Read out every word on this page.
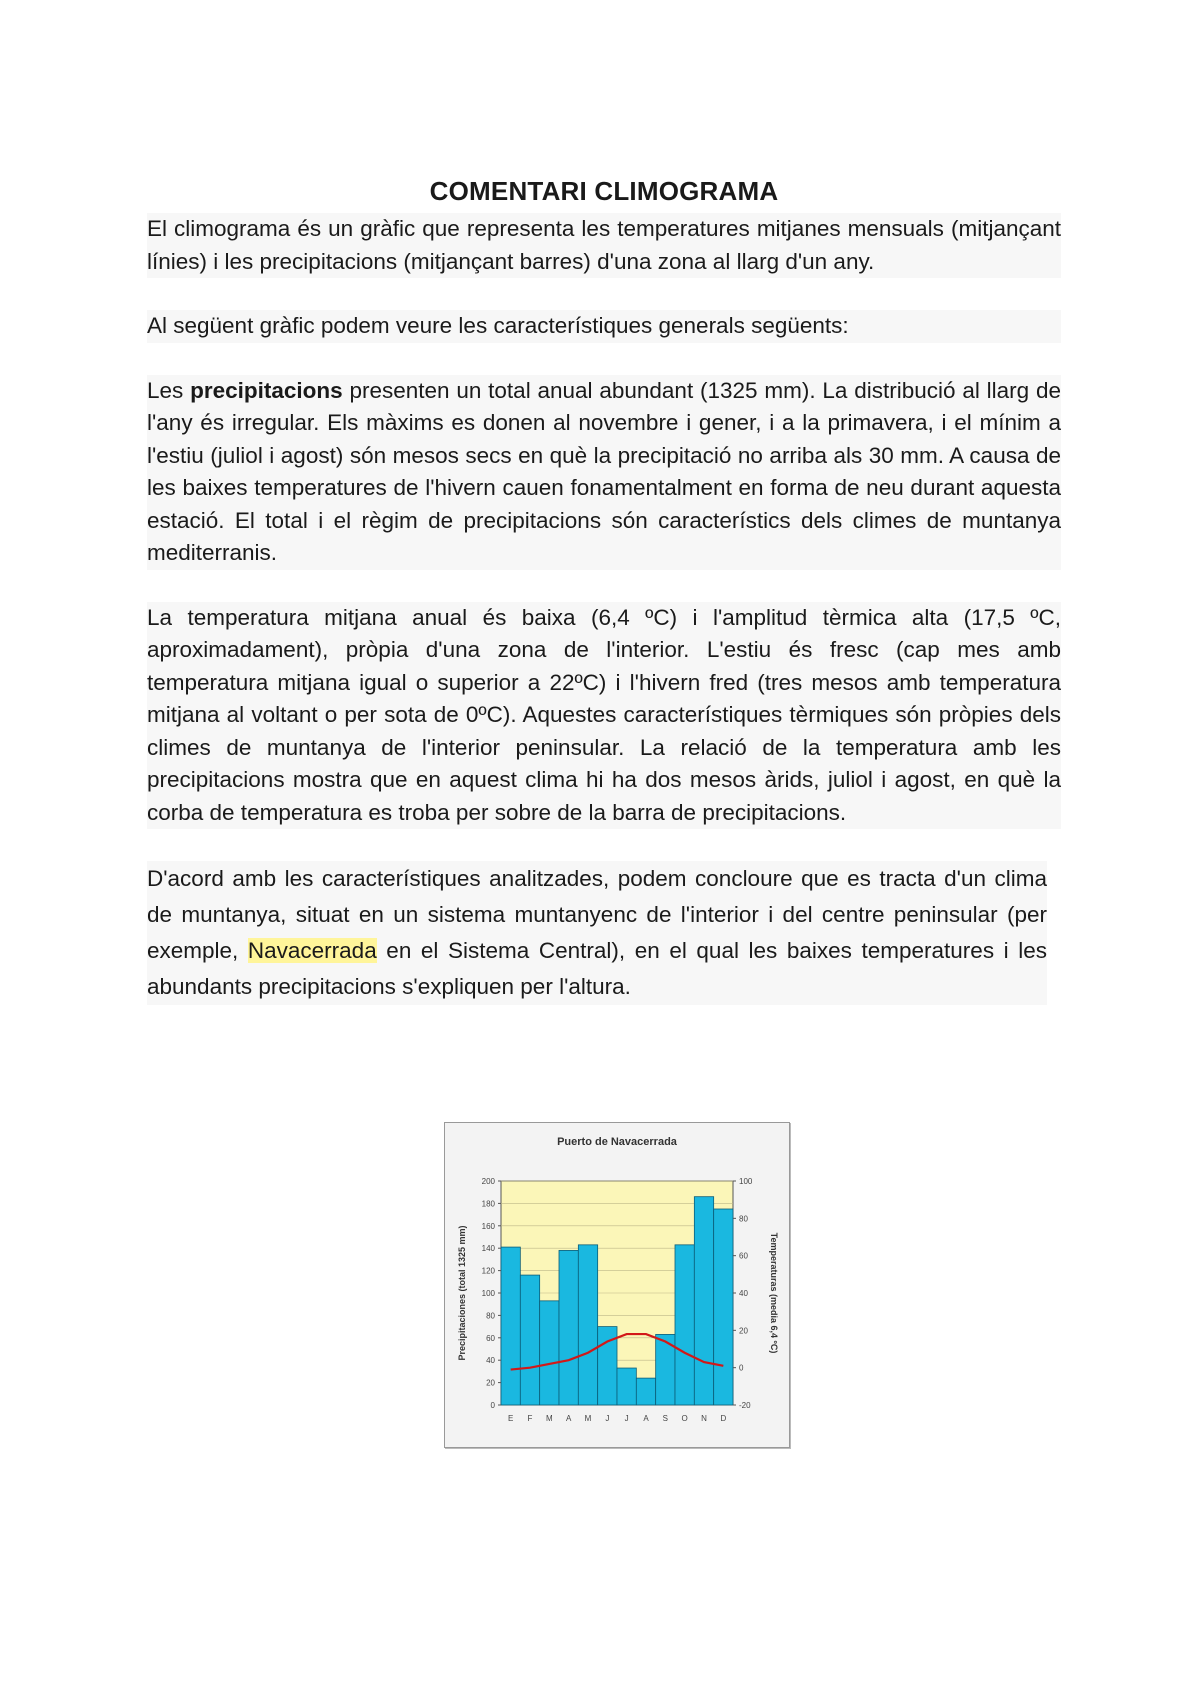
COMENTARI CLIMOGRAMA

El climograma és un gràfic que representa les temperatures mitjanes mensuals (mitjançant línies) i les precipitacions (mitjançant barres) d'una zona al llarg d'un any.

Al següent gràfic podem veure les característiques generals següents:

Les precipitacions presenten un total anual abundant (1325 mm). La distribució al llarg de l'any és irregular. Els màxims es donen al novembre i gener, i a la primavera, i el mínim a l'estiu (juliol i agost) són mesos secs en què la precipitació no arriba als 30 mm. A causa de les baixes temperatures de l'hivern cauen fonamentalment en forma de neu durant aquesta estació. El total i el règim de precipitacions són característics dels climes de muntanya mediterranis.

La temperatura mitjana anual és baixa (6,4 ºC) i l'amplitud tèrmica alta (17,5 ºC, aproximadament), pròpia d'una zona de l'interior. L'estiu és fresc (cap mes amb temperatura mitjana igual o superior a 22ºC) i l'hivern fred (tres mesos amb temperatura mitjana al voltant o per sota de 0ºC). Aquestes característiques tèrmiques són pròpies dels climes de muntanya de l'interior peninsular. La relació de la temperatura amb les precipitacions mostra que en aquest clima hi ha dos mesos àrids, juliol i agost, en què la corba de temperatura es troba per sobre de la barra de precipitacions.

D'acord amb les característiques analitzades, podem concloure que es tracta d'un clima de muntanya, situat en un sistema muntanyenc de l'interior i del centre peninsular (per exemple, Navacerrada en el Sistema Central), en el qual les baixes temperatures i les abundants precipitacions s'expliquen per l'altura.

Puerto de Navacerrada
0
20
40
60
80
100
120
140
160
180
200
-20
0
20
40
60
80
100
E F M A M J J A S O N D
Precipitaciones (total 1325 mm)	Temperaturas (media 6,4 ºC)
